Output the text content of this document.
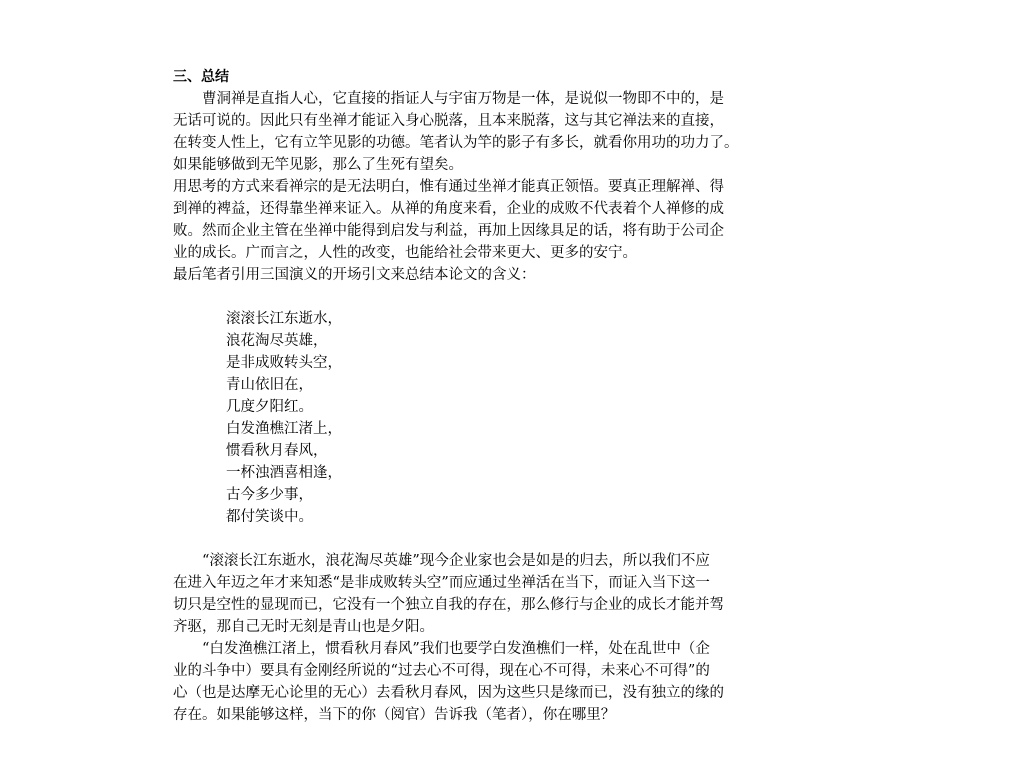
三、总结

曹洞禅是直指人心，它直接的指证人与宇宙万物是一体，是说似一物即不中的，是
无话可说的。因此只有坐禅才能证入身心脱落，且本来脱落，这与其它禅法来的直接，
在转变人性上，它有立竿见影的功德。笔者认为竿的影子有多长，就看你用功的功力了。
如果能够做到无竿见影，那么了生死有望矣。

用思考的方式来看禅宗的是无法明白，惟有通过坐禅才能真正领悟。要真正理解禅、得
到禅的裨益，还得靠坐禅来证入。从禅的角度来看，企业的成败不代表着个人禅修的成
败。然而企业主管在坐禅中能得到启发与利益，再加上因缘具足的话，将有助于公司企
业的成长。广而言之，人性的改变，也能给社会带来更大、更多的安宁。

最后笔者引用三国演义的开场引文来总结本论文的含义：

滚滚长江东逝水，
浪花淘尽英雄，
是非成败转头空，
青山依旧在，
几度夕阳红。
白发渔樵江渚上，
惯看秋月春风，
一杯浊酒喜相逢，
古今多少事，
都付笑谈中。

“滚滚长江东逝水，浪花淘尽英雄”现今企业家也会是如是的归去，所以我们不应
在进入年迈之年才来知悉“是非成败转头空”而应通过坐禅活在当下，而证入当下这一
切只是空性的显现而已，它没有一个独立自我的存在，那么修行与企业的成长才能并驾
齐驱，那自己无时无刻是青山也是夕阳。

“白发渔樵江渚上，惯看秋月春风”我们也要学白发渔樵们一样，处在乱世中（企
业的斗争中）要具有金刚经所说的“过去心不可得，现在心不可得，未来心不可得”的
心（也是达摩无心论里的无心）去看秋月春风，因为这些只是缘而已，没有独立的缘的
存在。如果能够这样，当下的你（阅官）告诉我（笔者），你在哪里？
